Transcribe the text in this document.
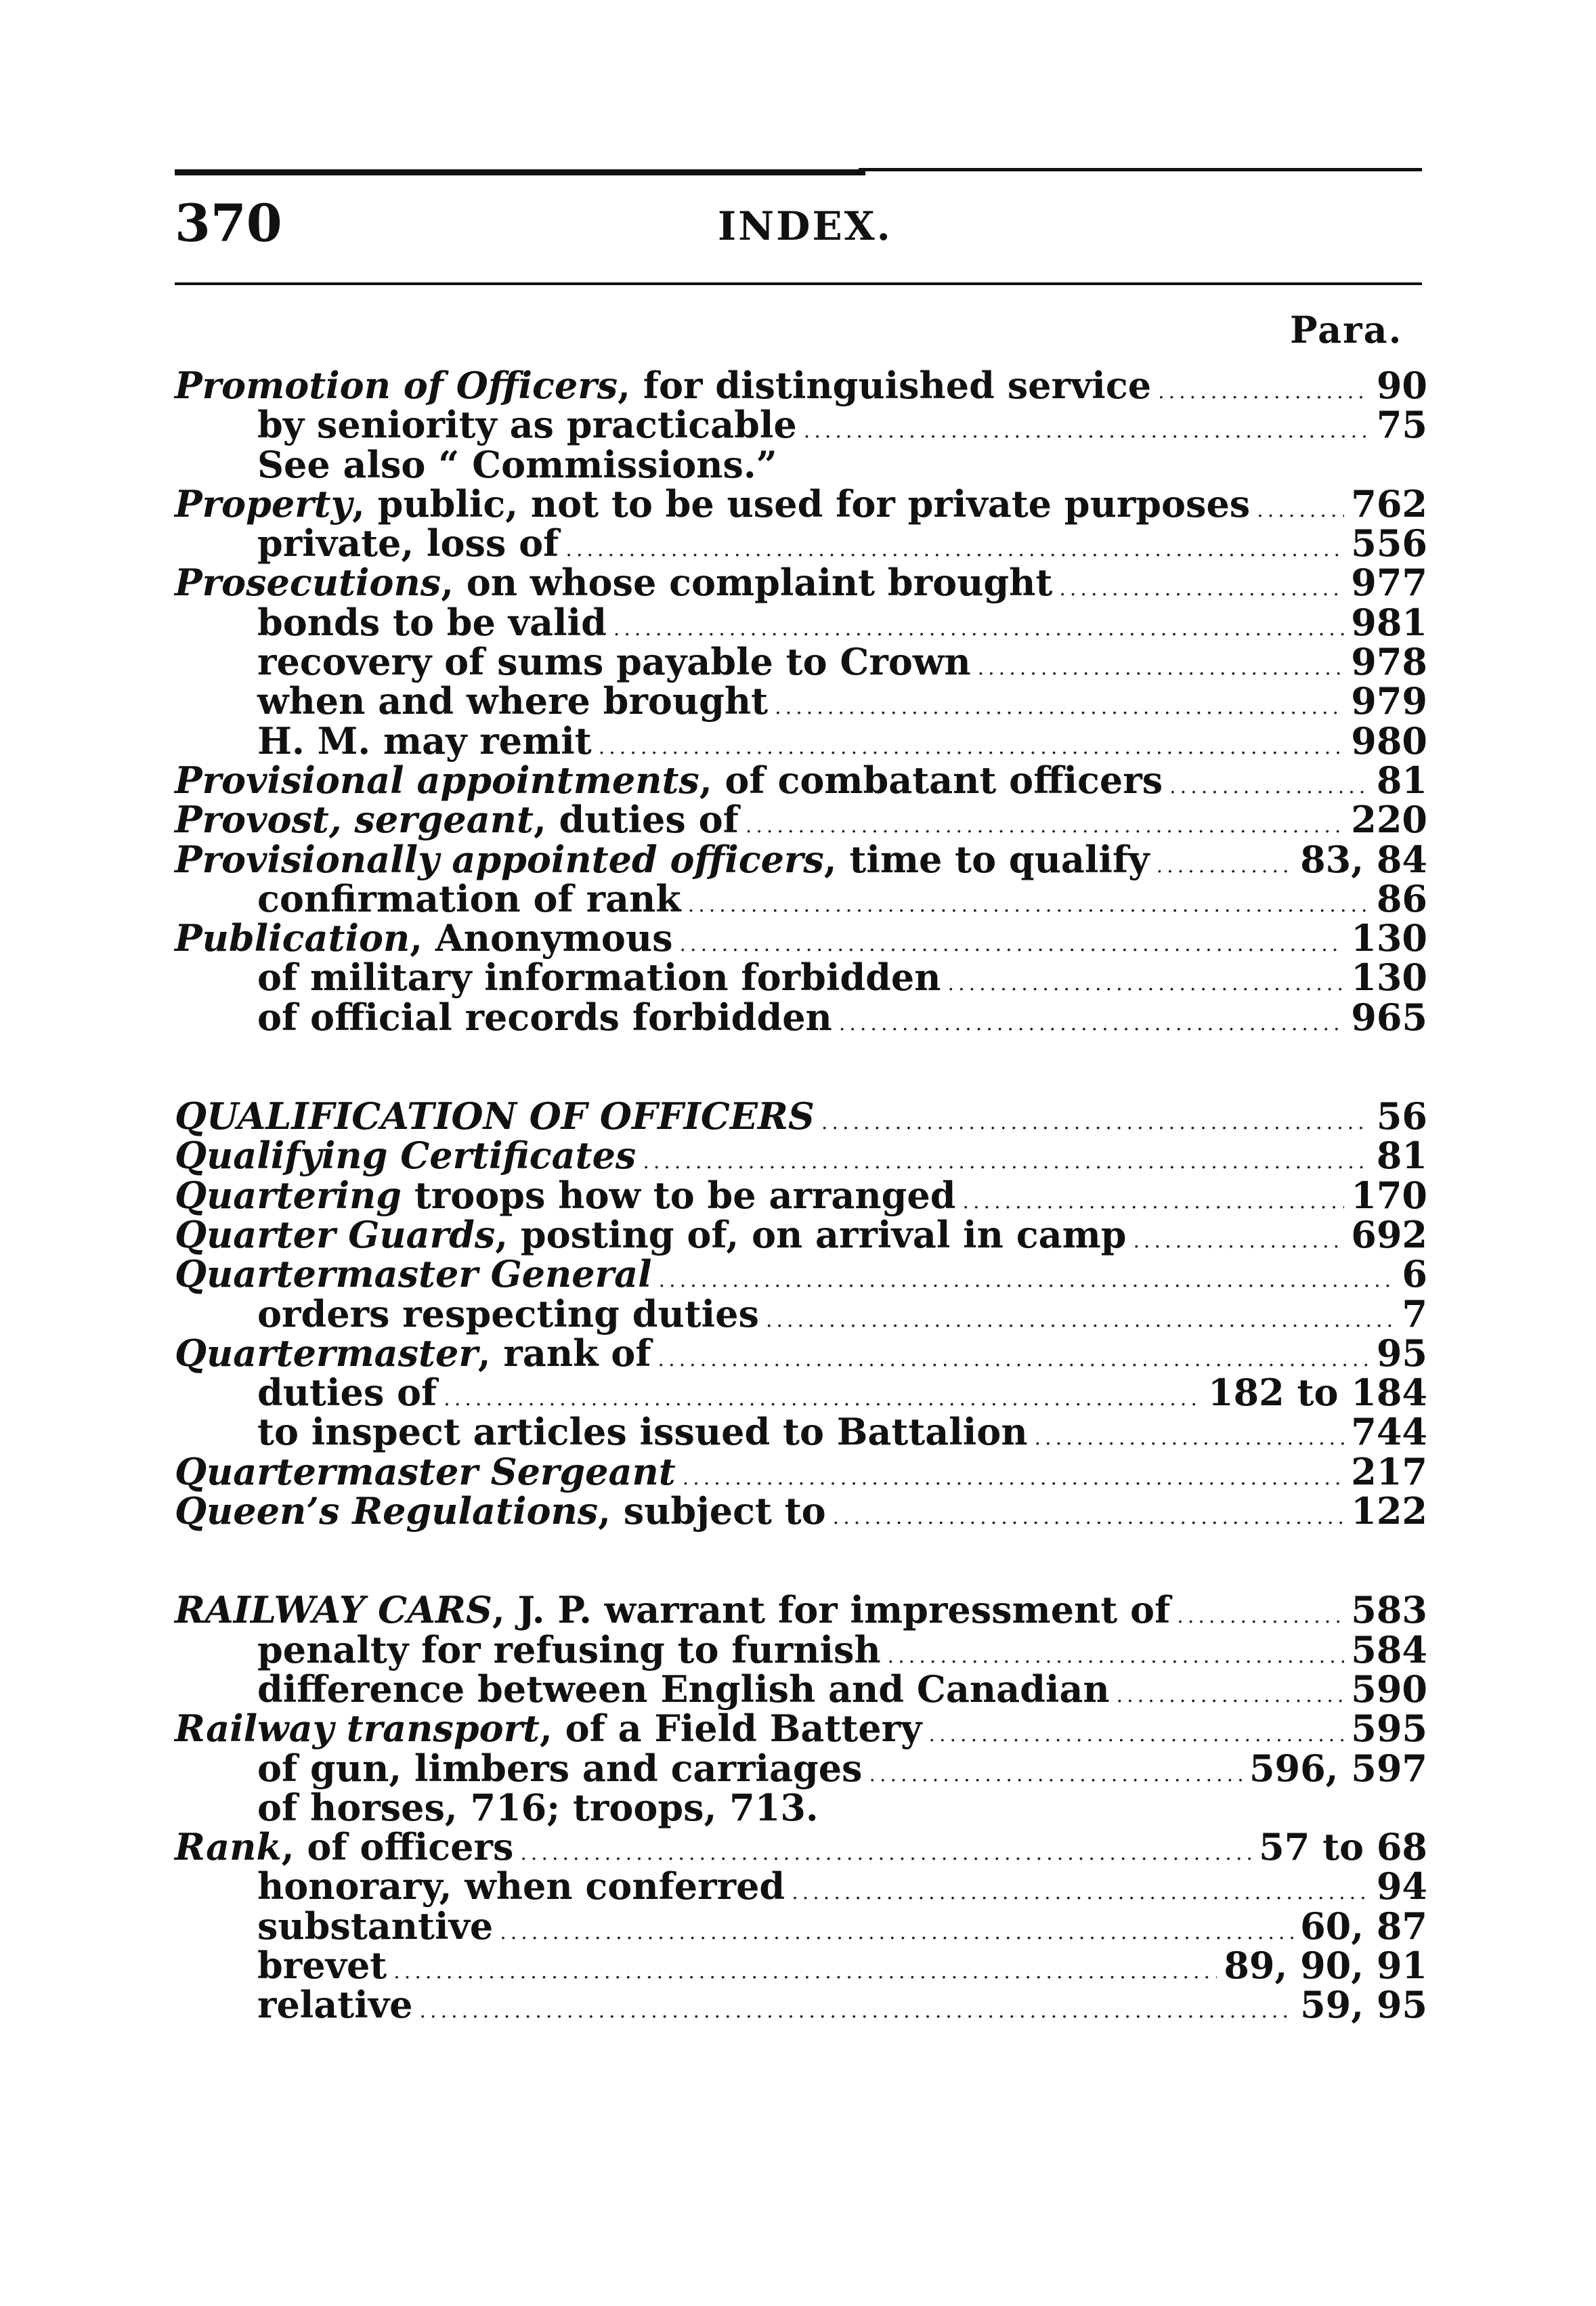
370	INDEX.
Para.
Promotion of Officers, for distinguished service .....	90
by seniority as practicable .....	75
See also “ Commissions.”
Property, public, not to be used for private purposes .....	762
private, loss of .....	556
Prosecutions, on whose complaint brought .....	977
bonds to be valid .....	981
recovery of sums payable to Crown .....	978
when and where brought .....	979
H. M. may remit .....	980
Provisional appointments, of combatant officers .....	81
Provost, sergeant, duties of .....	220
Provisionally appointed officers, time to qualify .....	83, 84
confirmation of rank .....	86
Publication, Anonymous .....	130
of military information forbidden .....	130
of official records forbidden .....	965
QUALIFICATION OF OFFICERS .....	56
Qualifying Certificates .....	81
Quartering troops how to be arranged .....	170
Quarter Guards, posting of, on arrival in camp .....	692
Quartermaster General .....	6
orders respecting duties .....	7
Quartermaster, rank of .....	95
duties of .....	182 to 184
to inspect articles issued to Battalion .....	744
Quartermaster Sergeant .....	217
Queen’s Regulations, subject to .....	122
RAILWAY CARS, J. P. warrant for impressment of .....	583
penalty for refusing to furnish .....	584
difference between English and Canadian .....	590
Railway transport, of a Field Battery .....	595
of gun, limbers and carriages .....	596, 597
of horses, 716; troops, 713.
Rank, of officers .....	57 to 68
honorary, when conferred .....	94
substantive .....	60, 87
brevet .....	89, 90, 91
relative .....	59, 95
